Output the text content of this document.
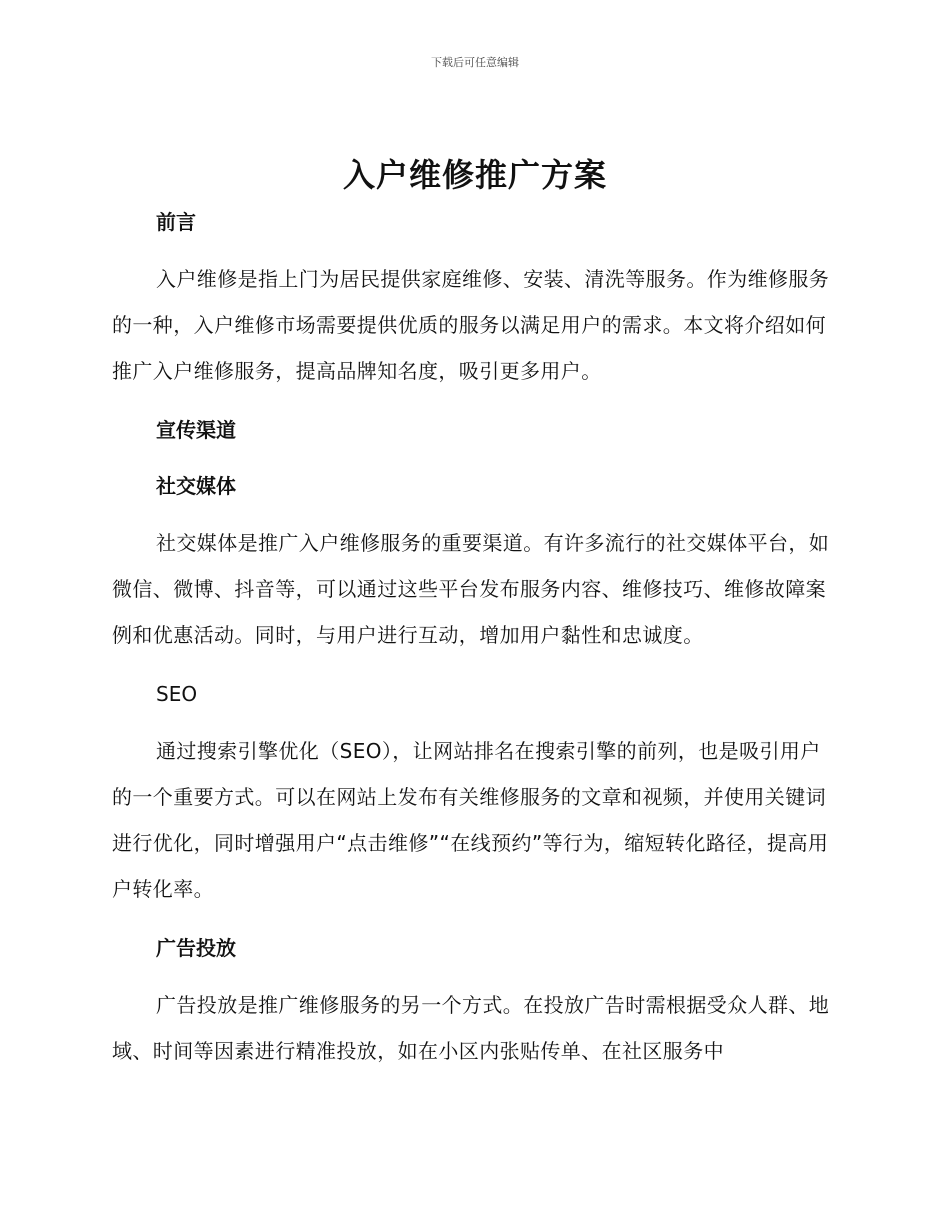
下载后可任意编辑
入户维修推广方案
前言

入户维修是指上门为居民提供家庭维修、安装、清洗等服务。作为维修服务的一种，入户维修市场需要提供优质的服务以满足用户的需求。本文将介绍如何推广入户维修服务，提高品牌知名度，吸引更多用户。

宣传渠道
社交媒体

社交媒体是推广入户维修服务的重要渠道。有许多流行的社交媒体平台，如微信、微博、抖音等，可以通过这些平台发布服务内容、维修技巧、维修故障案例和优惠活动。同时，与用户进行互动，增加用户黏性和忠诚度。

SEO

通过搜索引擎优化（SEO），让网站排名在搜索引擎的前列，也是吸引用户的一个重要方式。可以在网站上发布有关维修服务的文章和视频，并使用关键词进行优化，同时增强用户“点击维修”“在线预约”等行为，缩短转化路径，提高用户转化率。

广告投放

广告投放是推广维修服务的另一个方式。在投放广告时需根据受众人群、地域、时间等因素进行精准投放，如在小区内张贴传单、在社区服务中
